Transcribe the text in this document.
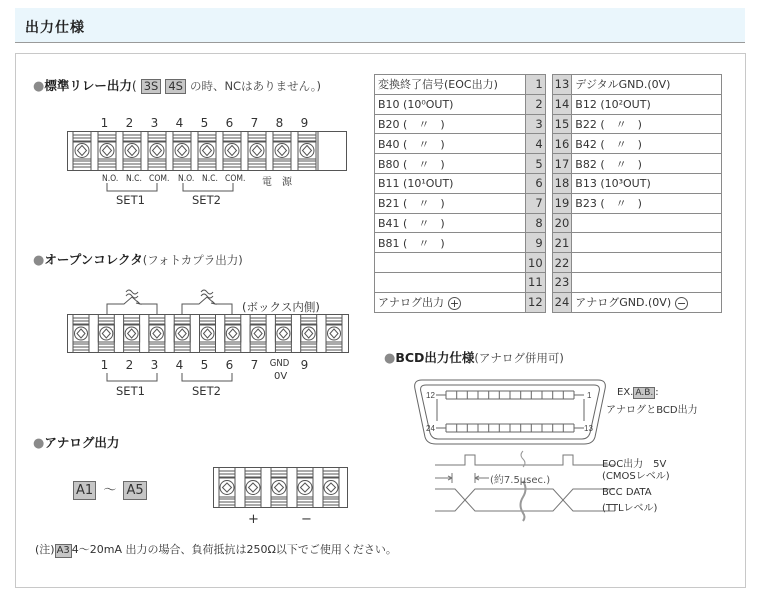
出力仕様
●標準リレー出力( 3S 4S の時、NCはありません。)
1	2	3	4	5	6	7	8	9
N.O. N.C. COM. N.O. N.C. COM. 電　源
SET1	SET2
●オープンコレクタ(フォトカプラ出力)
(ボックス内側)
1	2	3	4	5	6	7	GND 9
0V
SET1	SET2
●アナログ出力
A1 〜 A5
+	−
変換終了信号(EOC出力)	1		13	デジタルGND.(0V)
B10 (10⁰OUT)	2		14	B12 (10²OUT)
B20 (　〃　)	3		15	B22 (　〃　)
B40 (　〃　)	4		16	B42 (　〃　)
B80 (　〃　)	5		17	B82 (　〃　)
B11 (10¹OUT)	6		18	B13 (10³OUT)
B21 (　〃　)	7		19	B23 (　〃　)
B41 (　〃　)	8		20	
B81 (　〃　)	9		21	
	10		22	
	11		23	
アナログ出力 +	12		24	アナログGND.(0V) −
●BCD出力仕様(アナログ併用可)
12	1
24	13
EX. A.B. :
アナログとBCD出力
(約7.5μsec.)
EOC出力　5V
(CMOSレベル)
BCC DATA
(TTLレベル)
(注) A3 4〜20mA 出力の場合、負荷抵抗は250Ω以下でご使用ください。
